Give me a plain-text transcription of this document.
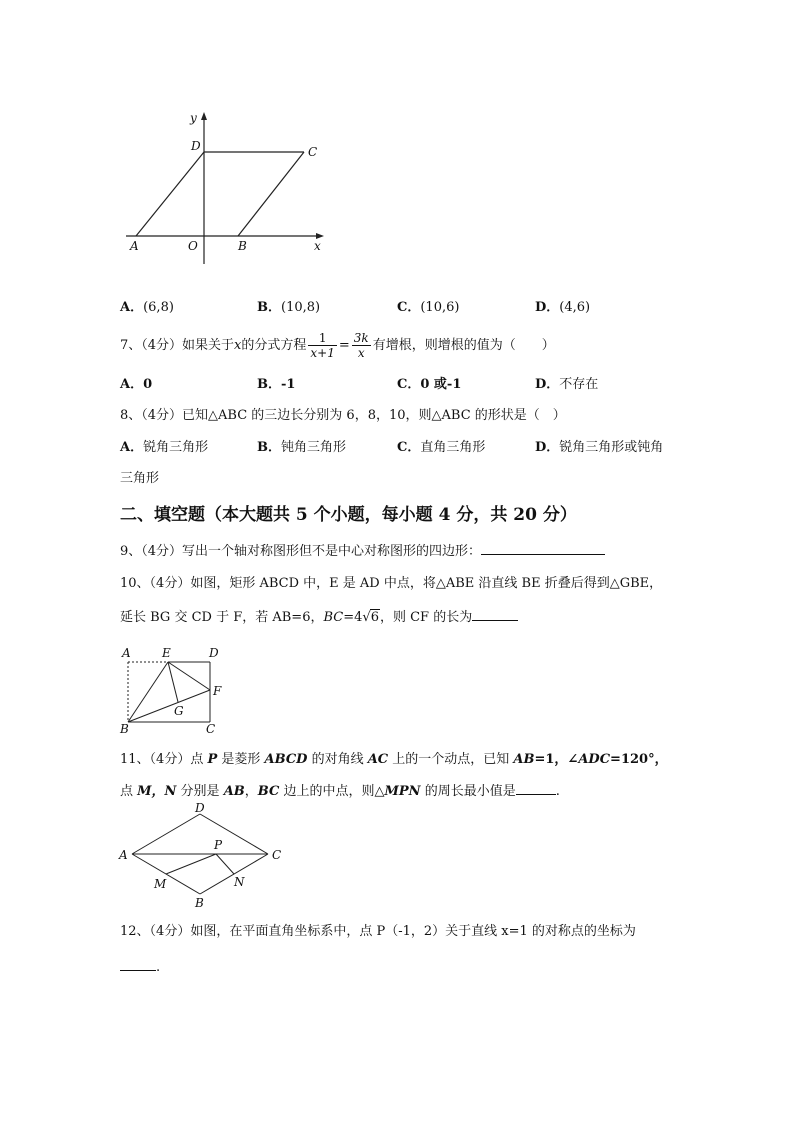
y
x
D	C
A	O	B
A．(6,8)	B．(10,8)	C．(10,6)	D．(4,6)
7、（4分）如果关于x的分式方程 $\frac{1}{x+1} = \frac{3k}{x}$ 有增根，则增根的值为（　　）
A．0	B．-1	C．0 或-1	D．不存在
8、（4分）已知△ABC 的三边长分别为 6，8，10，则△ABC 的形状是（　）
A．锐角三角形	B．钝角三角形	C．直角三角形	D．锐角三角形或钝角
三角形
二、填空题（本大题共 5 个小题，每小题 4 分，共 20 分）
9、（4分）写出一个轴对称图形但不是中心对称图形的四边形：
10、（4分）如图，矩形 ABCD 中，E 是 AD 中点，将△ABE 沿直线 BE 折叠后得到△GBE，
延长 BG 交 CD 于 F，若 AB=6，BC=4√6，则 CF 的长为
A	E	D
F
G
B	C
11、（4分）点 P 是菱形 ABCD 的对角线 AC 上的一个动点，已知 AB=1，∠ADC=120°，
点 M，N 分别是 AB，BC 边上的中点，则△MPN 的周长最小值是	.
D
A
P
C
M	N
B
12、（4分）如图，在平面直角坐标系中，点 P（-1，2）关于直线 x=1 的对称点的坐标为
.
